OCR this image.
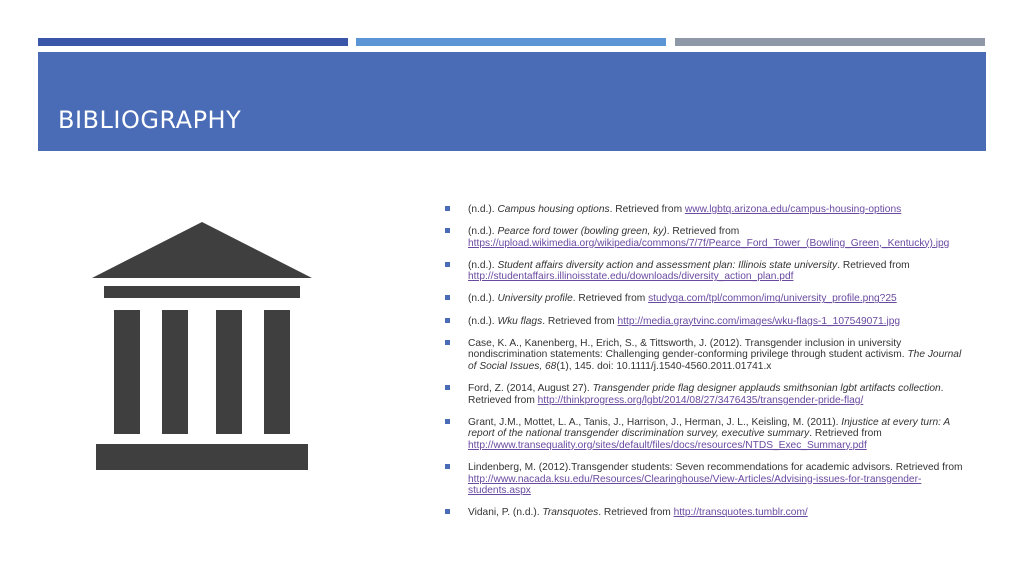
BIBLIOGRAPHY
(n.d.). Campus housing options. Retrieved from www.lgbtq.arizona.edu/campus-housing-options
(n.d.). Pearce ford tower (bowling green, ky). Retrieved from https://upload.wikimedia.org/wikipedia/commons/7/7f/Pearce_Ford_Tower_(Bowling_Green,_Kentucky).jpg
(n.d.). Student affairs diversity action and assessment plan: Illinois state university. Retrieved from http://studentaffairs.illinoisstate.edu/downloads/diversity_action_plan.pdf
(n.d.). University profile. Retrieved from studyqa.com/tpl/common/img/university_profile.png?25
(n.d.). Wku flags. Retrieved from http://media.graytvinc.com/images/wku-flags-1_107549071.jpg
Case, K. A., Kanenberg, H., Erich, S., & Tittsworth, J. (2012). Transgender inclusion in university nondiscrimination statements: Challenging gender-conforming privilege through student activism. The Journal of Social Issues, 68(1), 145. doi: 10.1111/j.1540-4560.2011.01741.x
Ford, Z. (2014, August 27). Transgender pride flag designer applauds smithsonian lgbt artifacts collection. Retrieved from http://thinkprogress.org/lgbt/2014/08/27/3476435/transgender-pride-flag/
Grant, J.M., Mottet, L. A., Tanis, J., Harrison, J., Herman, J. L., Keisling, M. (2011). Injustice at every turn: A report of the national transgender discrimination survey, executive summary. Retrieved from http://www.transequality.org/sites/default/files/docs/resources/NTDS_Exec_Summary.pdf
Lindenberg, M. (2012).Transgender students: Seven recommendations for academic advisors. Retrieved from http://www.nacada.ksu.edu/Resources/Clearinghouse/View-Articles/Advising-issues-for-transgender-students.aspx
Vidani, P. (n.d.). Transquotes. Retrieved from http://transquotes.tumblr.com/
